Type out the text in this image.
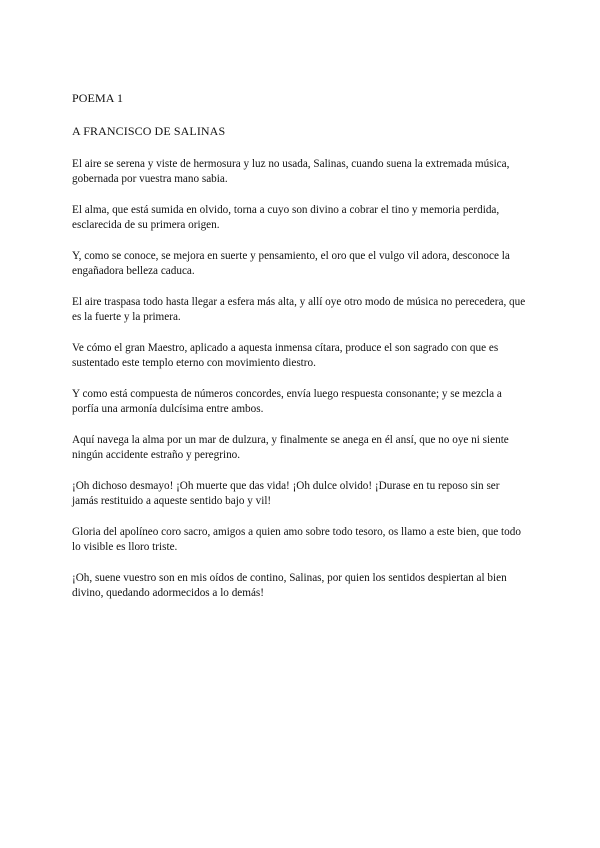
POEMA 1
A FRANCISCO DE SALINAS

El aire se serena y viste de hermosura y luz no usada, Salinas, cuando suena la extremada música, gobernada por vuestra mano sabia.

El alma, que está sumida en olvido, torna a cuyo son divino a cobrar el tino y memoria perdida, esclarecida de su primera origen.

Y, como se conoce, se mejora en suerte y pensamiento, el oro que el vulgo vil adora, desconoce la engañadora belleza caduca.

El aire traspasa todo hasta llegar a esfera más alta, y allí oye otro modo de música no perecedera, que es la fuerte y la primera.

Ve cómo el gran Maestro, aplicado a aquesta inmensa cítara, produce el son sagrado con que es sustentado este templo eterno con movimiento diestro.

Y como está compuesta de números concordes, envía luego respuesta consonante; y se mezcla a porfía una armonía dulcísima entre ambos.

Aquí navega la alma por un mar de dulzura, y finalmente se anega en él ansí, que no oye ni siente ningún accidente estraño y peregrino.

¡Oh dichoso desmayo! ¡Oh muerte que das vida! ¡Oh dulce olvido! ¡Durase en tu reposo sin ser jamás restituido a aqueste sentido bajo y vil!

Gloria del apolíneo coro sacro, amigos a quien amo sobre todo tesoro, os llamo a este bien, que todo lo visible es lloro triste.

¡Oh, suene vuestro son en mis oídos de contino, Salinas, por quien los sentidos despiertan al bien divino, quedando adormecidos a lo demás!
